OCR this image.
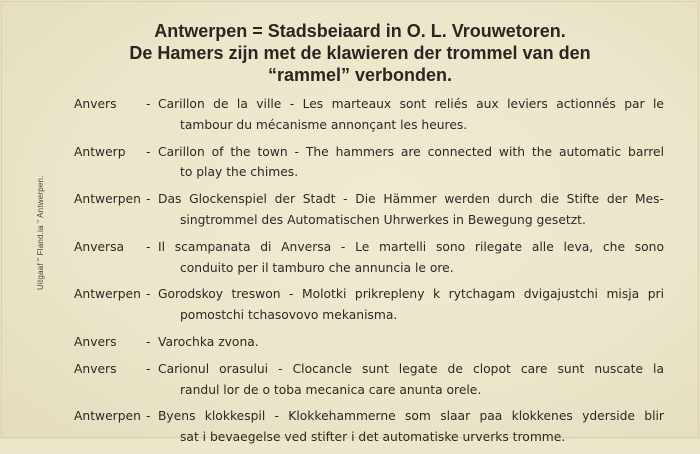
Antwerpen = Stadsbeiaard in O. L. Vrouwetoren.
De Hamers zijn met de klawieren der trommel van den
“rammel” verbonden.
Uitgaaf " Fland.ia " Antwerpen.
Anvers	- Carillon de la ville - Les marteaux sont reliés aux leviers actionnés par le
tambour du mécanisme annonçant les heures.
Antwerp	- Carillon of the town - The hammers are connected with the automatic barrel
to play the chimes.
Antwerpen - Das Glockenspiel der Stadt - Die Hämmer werden durch die Stifte der Mes-
singtrommel des Automatischen Uhrwerkes in Bewegung gesetzt.
Anversa	- Il scampanata di Anversa - Le martelli sono rilegate alle leva, che sono
conduito per il tamburo che annuncia le ore.
Antwerpen - Gorodskoy treswon - Molotki prikrepleny k rytchagam dvigajustchi misja pri
pomostchi tchasovovo mekanisma.
Anvers	- Varochka zvona.
Anvers	- Carionul orasului - Clocancle sunt legate de clopot care sunt nuscate la
randul lor de o toba mecanica care anunta orele.
Antwerpen - Byens klokkespil - Klokkehammerne som slaar paa klokkenes yderside blir
sat i bevaegelse ved stifter i det automatiske urverks tromme.
